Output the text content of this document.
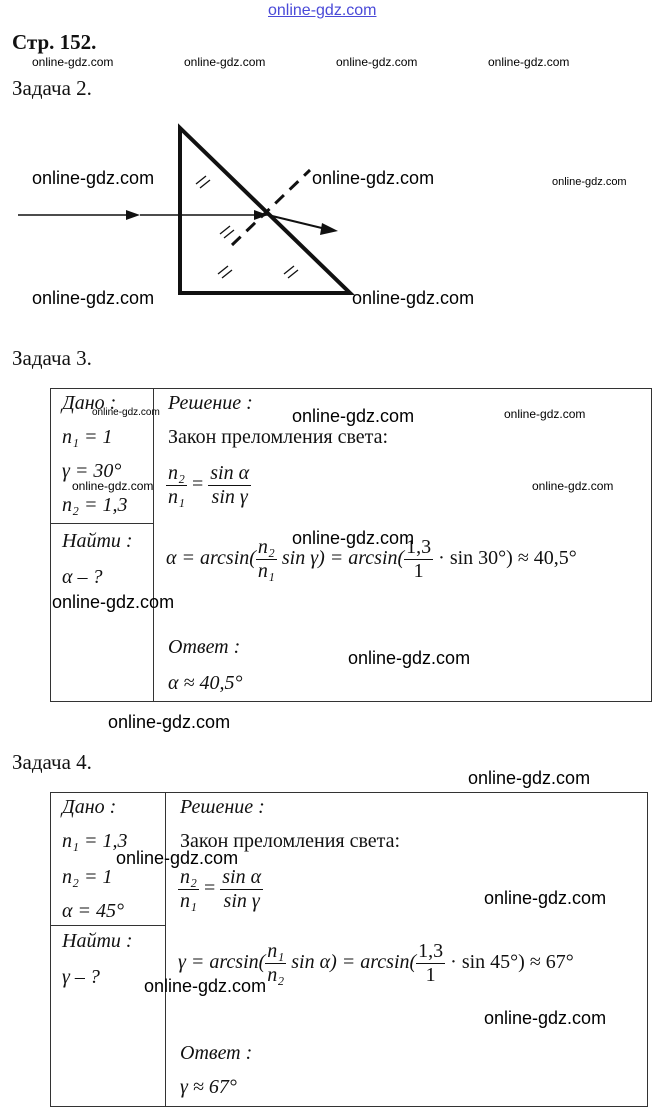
online-gdz.com
Стр. 152.
online-gdz.com	online-gdz.com	online-gdz.com	online-gdz.com
Задача 2.
online-gdz.com	online-gdz.com	online-gdz.com
online-gdz.com	online-gdz.com
Задача 3.
Дано :
n₁ = 1
γ = 30°
n₂ = 1,3
Найти :
α – ?
Решение :
Закон преломления света:
$\frac{\text{n₂}}{\text{n₁}} = \frac{\text{sin α}}{\text{sin γ}}$
$\alpha = \arcsin( \frac{\text{n₂}}{\text{n₁}}$ $\sin \gamma) = \arcsin( \frac{1,3}{1} \cdot \sin 30^\circ) \approx 40,5^\circ$
Ответ :
α ≈ 40,5°
online-gdz.com	online-gdz.com	online-gdz.com
online-gdz.com	online-gdz.com
online-gdz.com
online-gdz.com
online-gdz.com
online-gdz.com
Задача 4.
online-gdz.com
Дано :
n₁ = 1,3
n₂ = 1
α = 45°
Найти :
γ – ?
Решение :
Закон преломления света:
$\frac{\text{n₂}}{\text{n₁}} = \frac{\text{sin α}}{\text{sin γ}}$
$\gamma = \arcsin( \frac{\text{n₁}}{\text{n₂}}$ $\sin \alpha) = \arcsin( \frac{1,3}{1} \cdot \sin 45^\circ) \approx 67^\circ$
Ответ :
γ ≈ 67°
online-gdz.com
online-gdz.com
online-gdz.com
online-gdz.com
